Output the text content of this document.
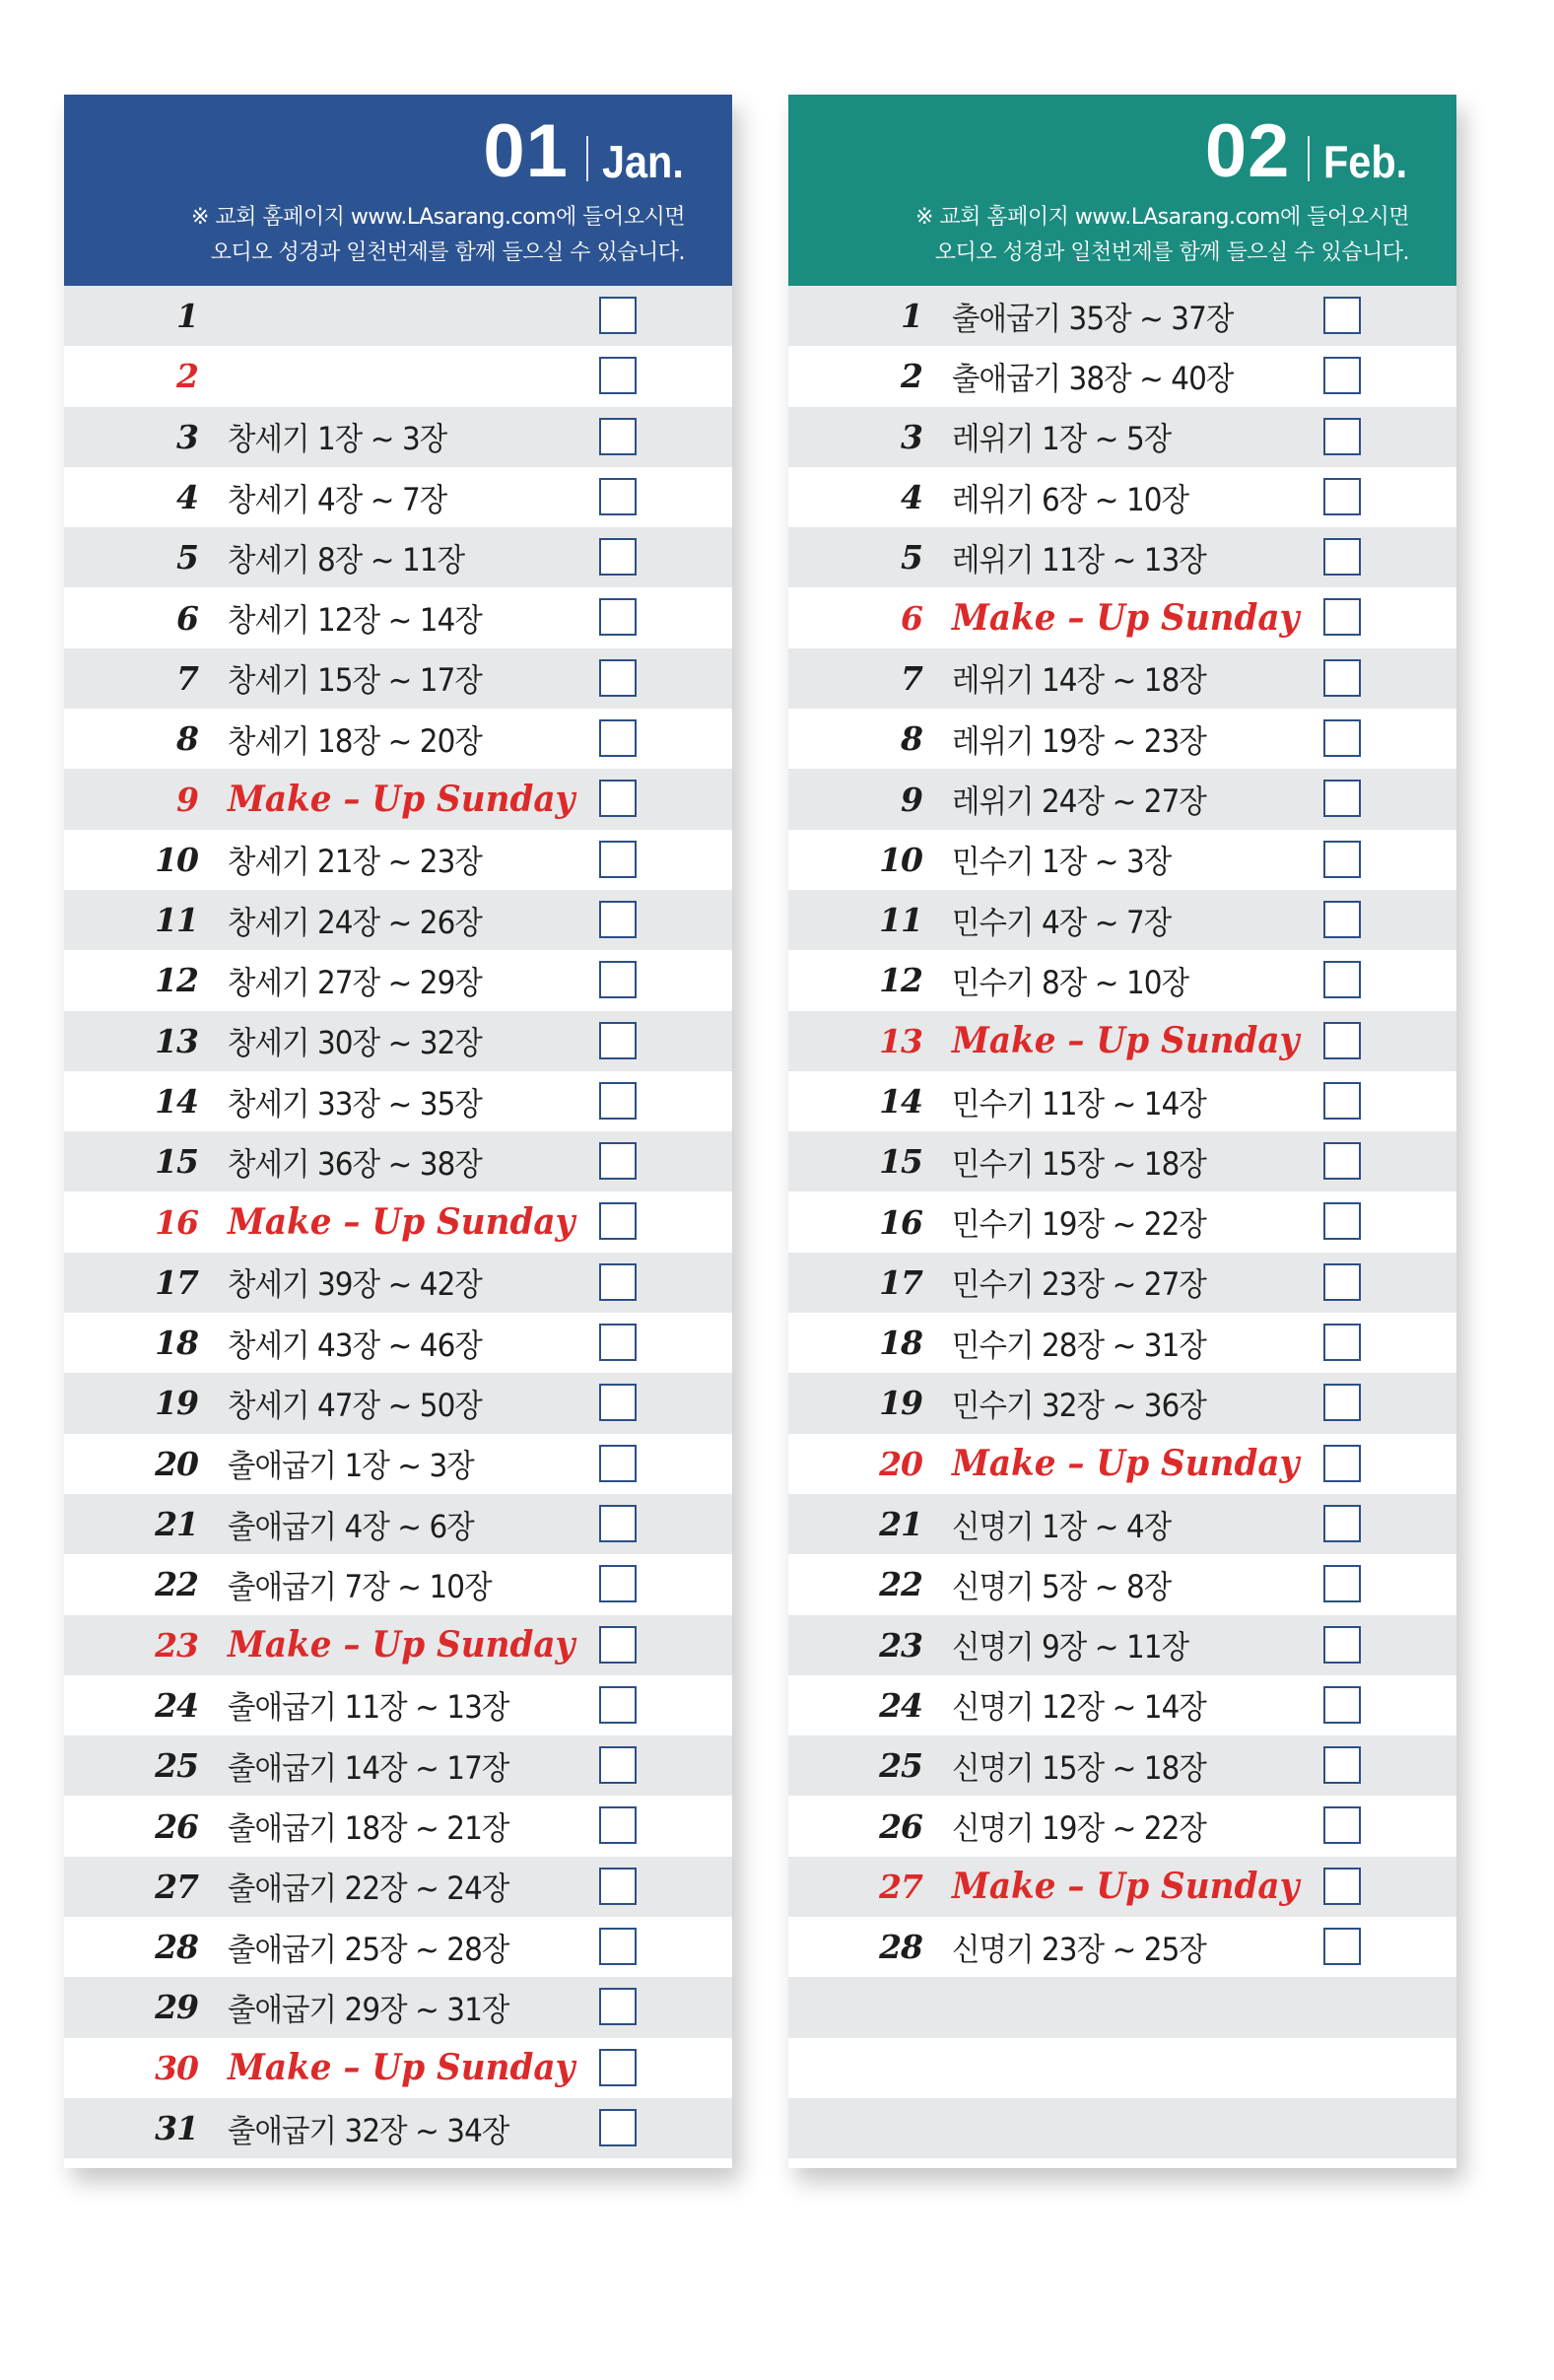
01 Jan.
※ 교회 홈페이지 www.LAsarang.com에 들어오시면
오디오 성경과 일천번제를 함께 들으실 수 있습니다.
1
2
3 창세기 1장 ~ 3장
4 창세기 4장 ~ 7장
5 창세기 8장 ~ 11장
6 창세기 12장 ~ 14장
7 창세기 15장 ~ 17장
8 창세기 18장 ~ 20장
9 Make – Up Sunday
10 창세기 21장 ~ 23장
11 창세기 24장 ~ 26장
12 창세기 27장 ~ 29장
13 창세기 30장 ~ 32장
14 창세기 33장 ~ 35장
15 창세기 36장 ~ 38장
16 Make – Up Sunday
17 창세기 39장 ~ 42장
18 창세기 43장 ~ 46장
19 창세기 47장 ~ 50장
20 출애굽기 1장 ~ 3장
21 출애굽기 4장 ~ 6장
22 출애굽기 7장 ~ 10장
23 Make – Up Sunday
24 출애굽기 11장 ~ 13장
25 출애굽기 14장 ~ 17장
26 출애굽기 18장 ~ 21장
27 출애굽기 22장 ~ 24장
28 출애굽기 25장 ~ 28장
29 출애굽기 29장 ~ 31장
30 Make – Up Sunday
31 출애굽기 32장 ~ 34장
02 Feb.
※ 교회 홈페이지 www.LAsarang.com에 들어오시면
오디오 성경과 일천번제를 함께 들으실 수 있습니다.
1 출애굽기 35장 ~ 37장
2 출애굽기 38장 ~ 40장
3 레위기 1장 ~ 5장
4 레위기 6장 ~ 10장
5 레위기 11장 ~ 13장
6 Make – Up Sunday
7 레위기 14장 ~ 18장
8 레위기 19장 ~ 23장
9 레위기 24장 ~ 27장
10 민수기 1장 ~ 3장
11 민수기 4장 ~ 7장
12 민수기 8장 ~ 10장
13 Make – Up Sunday
14 민수기 11장 ~ 14장
15 민수기 15장 ~ 18장
16 민수기 19장 ~ 22장
17 민수기 23장 ~ 27장
18 민수기 28장 ~ 31장
19 민수기 32장 ~ 36장
20 Make – Up Sunday
21 신명기 1장 ~ 4장
22 신명기 5장 ~ 8장
23 신명기 9장 ~ 11장
24 신명기 12장 ~ 14장
25 신명기 15장 ~ 18장
26 신명기 19장 ~ 22장
27 Make – Up Sunday
28 신명기 23장 ~ 25장
